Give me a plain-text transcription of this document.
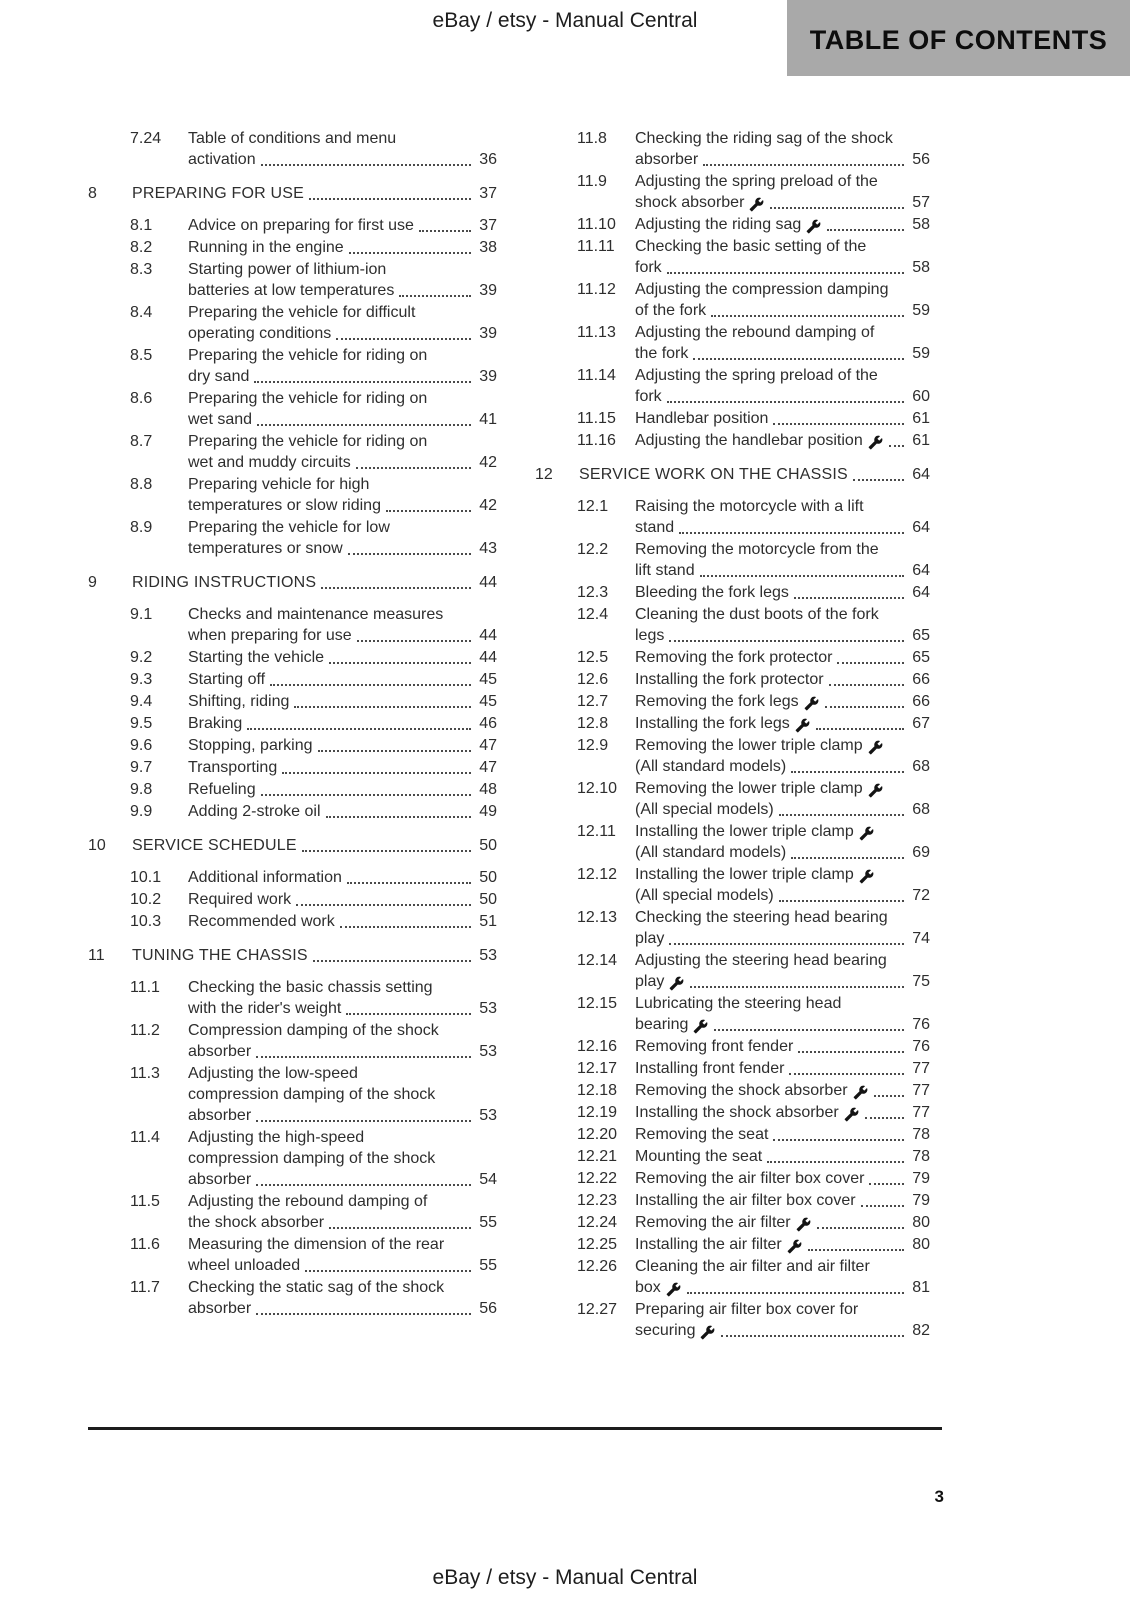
eBay / etsy - Manual Central
TABLE OF CONTENTS
7.24	Table of conditions and menu
activation	36
8	PREPARING FOR USE	37
8.1	Advice on preparing for first use	37
8.2	Running in the engine	38
8.3	Starting power of lithium-ion
batteries at low temperatures	39
8.4	Preparing the vehicle for difficult
operating conditions	39
8.5	Preparing the vehicle for riding on
dry sand	39
8.6	Preparing the vehicle for riding on
wet sand	41
8.7	Preparing the vehicle for riding on
wet and muddy circuits	42
8.8	Preparing vehicle for high
temperatures or slow riding	42
8.9	Preparing the vehicle for low
temperatures or snow	43
9	RIDING INSTRUCTIONS	44
9.1	Checks and maintenance measures
when preparing for use	44
9.2	Starting the vehicle	44
9.3	Starting off	45
9.4	Shifting, riding	45
9.5	Braking	46
9.6	Stopping, parking	47
9.7	Transporting	47
9.8	Refueling	48
9.9	Adding 2-stroke oil	49
10	SERVICE SCHEDULE	50
10.1	Additional information	50
10.2	Required work	50
10.3	Recommended work	51
11	TUNING THE CHASSIS	53
11.1	Checking the basic chassis setting
with the rider's weight	53
11.2	Compression damping of the shock
absorber	53
11.3	Adjusting the low-speed
compression damping of the shock
absorber	53
11.4	Adjusting the high-speed
compression damping of the shock
absorber	54
11.5	Adjusting the rebound damping of
the shock absorber	55
11.6	Measuring the dimension of the rear
wheel unloaded	55
11.7	Checking the static sag of the shock
absorber	56
11.8	Checking the riding sag of the shock
absorber	56
11.9	Adjusting the spring preload of the
shock absorber	57
11.10	Adjusting the riding sag	58
11.11	Checking the basic setting of the
fork	58
11.12	Adjusting the compression damping
of the fork	59
11.13	Adjusting the rebound damping of
the fork	59
11.14	Adjusting the spring preload of the
fork	60
11.15	Handlebar position	61
11.16	Adjusting the handlebar position	61
12	SERVICE WORK ON THE CHASSIS	64
12.1	Raising the motorcycle with a lift
stand	64
12.2	Removing the motorcycle from the
lift stand	64
12.3	Bleeding the fork legs	64
12.4	Cleaning the dust boots of the fork
legs	65
12.5	Removing the fork protector	65
12.6	Installing the fork protector	66
12.7	Removing the fork legs	66
12.8	Installing the fork legs	67
12.9	Removing the lower triple clamp
(All standard models)	68
12.10	Removing the lower triple clamp
(All special models)	68
12.11	Installing the lower triple clamp
(All standard models)	69
12.12	Installing the lower triple clamp
(All special models)	72
12.13	Checking the steering head bearing
play	74
12.14	Adjusting the steering head bearing
play	75
12.15	Lubricating the steering head
bearing	76
12.16	Removing front fender	76
12.17	Installing front fender	77
12.18	Removing the shock absorber	77
12.19	Installing the shock absorber	77
12.20	Removing the seat	78
12.21	Mounting the seat	78
12.22	Removing the air filter box cover	79
12.23	Installing the air filter box cover	79
12.24	Removing the air filter	80
12.25	Installing the air filter	80
12.26	Cleaning the air filter and air filter
box	81
12.27	Preparing air filter box cover for
securing	82
3
eBay / etsy - Manual Central
